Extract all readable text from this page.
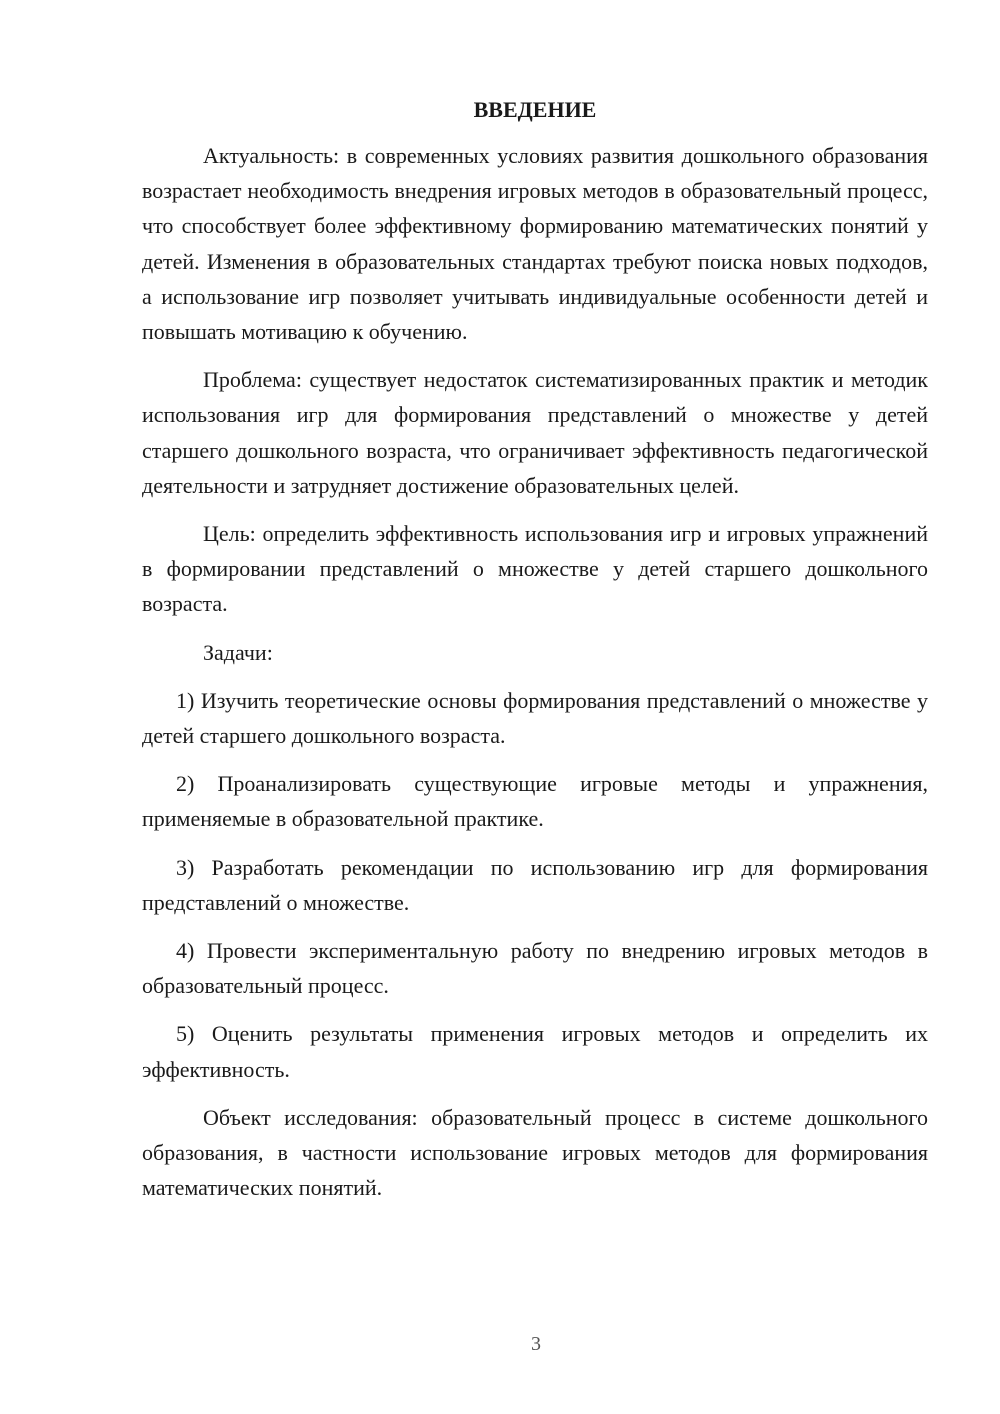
ВВЕДЕНИЕ

Актуальность: в современных условиях развития дошкольного образования возрастает необходимость внедрения игровых методов в образовательный процесс, что способствует более эффективному формированию математических понятий у детей. Изменения в образовательных стандартах требуют поиска новых подходов, а использование игр позволяет учитывать индивидуальные особенности детей и повышать мотивацию к обучению.

Проблема: существует недостаток систематизированных практик и методик использования игр для формирования представлений о множестве у детей старшего дошкольного возраста, что ограничивает эффективность педагогической деятельности и затрудняет достижение образовательных целей.

Цель: определить эффективность использования игр и игровых упражнений в формировании представлений о множестве у детей старшего дошкольного возраста.

Задачи:

1) Изучить теоретические основы формирования представлений о множестве у детей старшего дошкольного возраста.

2) Проанализировать существующие игровые методы и упражнения, применяемые в образовательной практике.

3) Разработать рекомендации по использованию игр для формирования представлений о множестве.

4) Провести экспериментальную работу по внедрению игровых методов в образовательный процесс.

5) Оценить результаты применения игровых методов и определить их эффективность.

Объект исследования: образовательный процесс в системе дошкольного образования, в частности использование игровых методов для формирования математических понятий.

3
